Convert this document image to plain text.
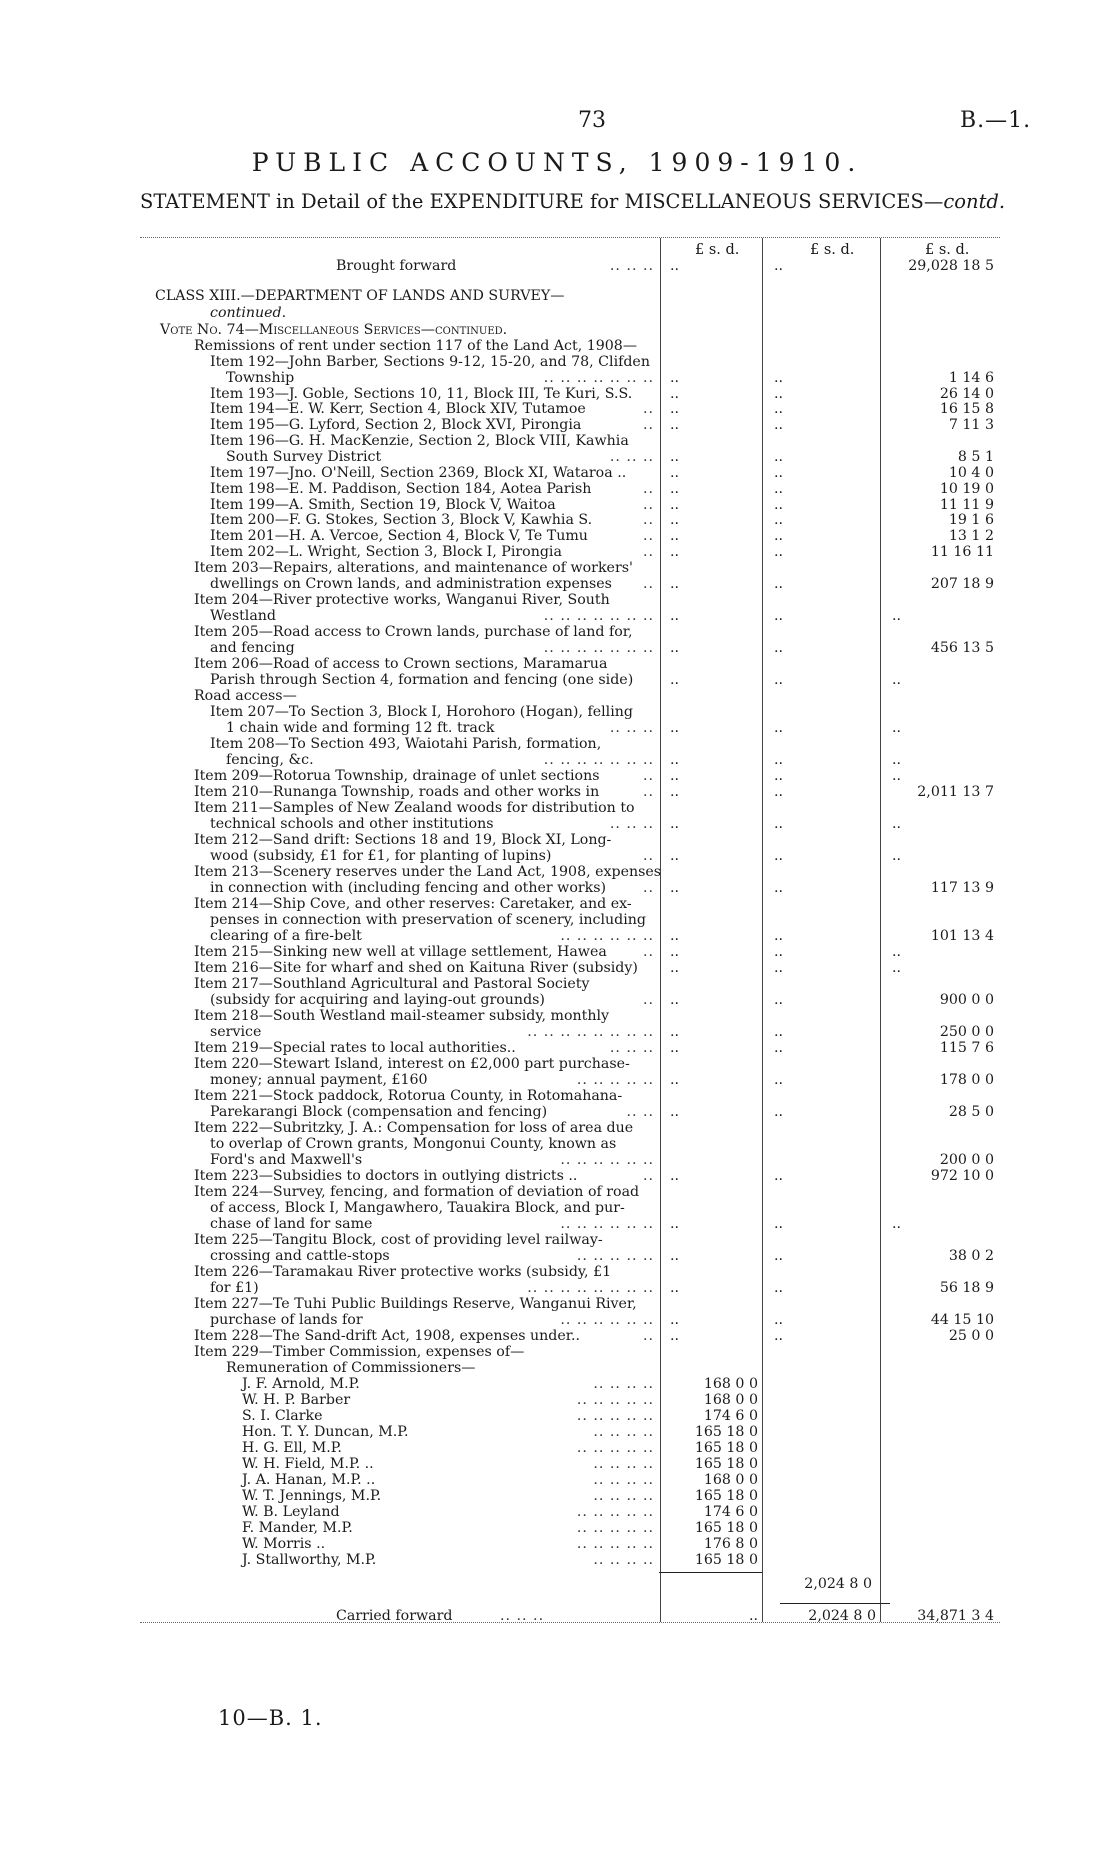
73	B.—1.
PUBLIC ACCOUNTS, 1909-1910.
STATEMENT in Detail of the EXPENDITURE for MISCELLANEOUS SERVICES—contd.
£ s. d.	£ s. d.	£ s. d.
Brought forward	.. .. .. ..	..	29,028 18 5
CLASS XIII.—DEPARTMENT OF LANDS AND SURVEY—
continued.
Vote No. 74—Miscellaneous Services—continued.
Remissions of rent under section 117 of the Land Act, 1908—
Item 192—John Barber, Sections 9-12, 15-20, and 78, Clifden
Township	.. .. .. .. .. .. .. ..	..	1 14 6
Item 193—J. Goble, Sections 10, 11, Block III, Te Kuri, S.S.	..	..	26 14 0
Item 194—E. W. Kerr, Section 4, Block XIV, Tutamoe	.. ..	..	16 15 8
Item 195—G. Lyford, Section 2, Block XVI, Pirongia	.. ..	..	7 11 3
Item 196—G. H. MacKenzie, Section 2, Block VIII, Kawhia
South Survey District	.. .. .. ..	..	8 5 1
Item 197—Jno. O'Neill, Section 2369, Block XI, Wataroa ..	..	..	10 4 0
Item 198—E. M. Paddison, Section 184, Aotea Parish	.. ..	..	10 19 0
Item 199—A. Smith, Section 19, Block V, Waitoa	.. ..	..	11 11 9
Item 200—F. G. Stokes, Section 3, Block V, Kawhia S.	.. ..	..	19 1 6
Item 201—H. A. Vercoe, Section 4, Block V, Te Tumu	.. ..	..	13 1 2
Item 202—L. Wright, Section 3, Block I, Pirongia	.. ..	..	11 16 11
Item 203—Repairs, alterations, and maintenance of workers'
dwellings on Crown lands, and administration expenses .. ..	..	207 18 9
Item 204—River protective works, Wanganui River, South
Westland	.. .. .. .. .. .. .. ..	..	..
Item 205—Road access to Crown lands, purchase of land for,
and fencing	.. .. .. .. .. .. .. ..	..	456 13 5
Item 206—Road of access to Crown sections, Maramarua
Parish through Section 4, formation and fencing (one side)	..	..	..
Road access—
Item 207—To Section 3, Block I, Horohoro (Hogan), felling
1 chain wide and forming 12 ft. track	.. .. .. ..	..	..
Item 208—To Section 493, Waiotahi Parish, formation,
fencing, &c.	.. .. .. .. .. .. .. ..	..	..
Item 209—Rotorua Township, drainage of unlet sections	.. ..	..	..
Item 210—Runanga Township, roads and other works in	.. ..	..	2,011 13 7
Item 211—Samples of New Zealand woods for distribution to
technical schools and other institutions	.. .. .. ..	..	..
Item 212—Sand drift: Sections 18 and 19, Block XI, Long-
wood (subsidy, £1 for £1, for planting of lupins)	.. ..	..	..
Item 213—Scenery reserves under the Land Act, 1908, expenses
in connection with (including fencing and other works)	.. ..	..	117 13 9
Item 214—Ship Cove, and other reserves: Caretaker, and ex-
penses in connection with preservation of scenery, including
clearing of a fire-belt	.. .. .. .. .. .. ..	..	101 13 4
Item 215—Sinking new well at village settlement, Hawea	.. ..	..	..
Item 216—Site for wharf and shed on Kaituna River (subsidy) ..	..	..
Item 217—Southland Agricultural and Pastoral Society
(subsidy for acquiring and laying-out grounds)	.. ..	..	900 0 0
Item 218—South Westland mail-steamer subsidy, monthly
service	.. .. .. .. .. .. .. .. ..	..	250 0 0
Item 219—Special rates to local authorities..	.. .. .. ..	..	115 7 6
Item 220—Stewart Island, interest on £2,000 part purchase-
money; annual payment, £160	.. .. .. .. .. ..	..	178 0 0
Item 221—Stock paddock, Rotorua County, in Rotomahana-
Parekarangi Block (compensation and fencing)	.. .. ..	..	28 5 0
Item 222—Subritzky, J. A.: Compensation for loss of area due
to overlap of Crown grants, Mongonui County, known as
Ford's and Maxwell's	.. .. .. .. .. ..	200 0 0
Item 223—Subsidies to doctors in outlying districts ..	.. ..	..	972 10 0
Item 224—Survey, fencing, and formation of deviation of road
of access, Block I, Mangawhero, Tauakira Block, and pur-
chase of land for same	.. .. .. .. .. .. ..	..	..
Item 225—Tangitu Block, cost of providing level railway-
crossing and cattle-stops	.. .. .. .. .. ..	..	38 0 2
Item 226—Taramakau River protective works (subsidy, £1
for £1)	.. .. .. .. .. .. .. .. ..	..	56 18 9
Item 227—Te Tuhi Public Buildings Reserve, Wanganui River,
purchase of lands for	.. .. .. .. .. .. ..	..	44 15 10
Item 228—The Sand-drift Act, 1908, expenses under..	.. ..	..	25 0 0
Item 229—Timber Commission, expenses of—
Remuneration of Commissioners—
J. F. Arnold, M.P.	.. .. .. ..	168 0 0
W. H. P. Barber	.. .. .. .. ..	168 0 0
S. I. Clarke	.. .. .. .. ..	174 6 0
Hon. T. Y. Duncan, M.P.	.. .. .. ..	165 18 0
H. G. Ell, M.P.	.. .. .. .. ..	165 18 0
W. H. Field, M.P. ..	.. .. .. ..	165 18 0
J. A. Hanan, M.P. ..	.. .. .. ..	168 0 0
W. T. Jennings, M.P.	.. .. .. ..	165 18 0
W. B. Leyland	.. .. .. .. ..	174 6 0
F. Mander, M.P.	.. .. .. .. ..	165 18 0
W. Morris ..	.. .. .. .. ..	176 8 0
J. Stallworthy, M.P.	.. .. .. ..	165 18 0
2,024 8 0
Carried forward	.. .. ..	..	2,024 8 0	34,871 3 4
10—B. 1.
